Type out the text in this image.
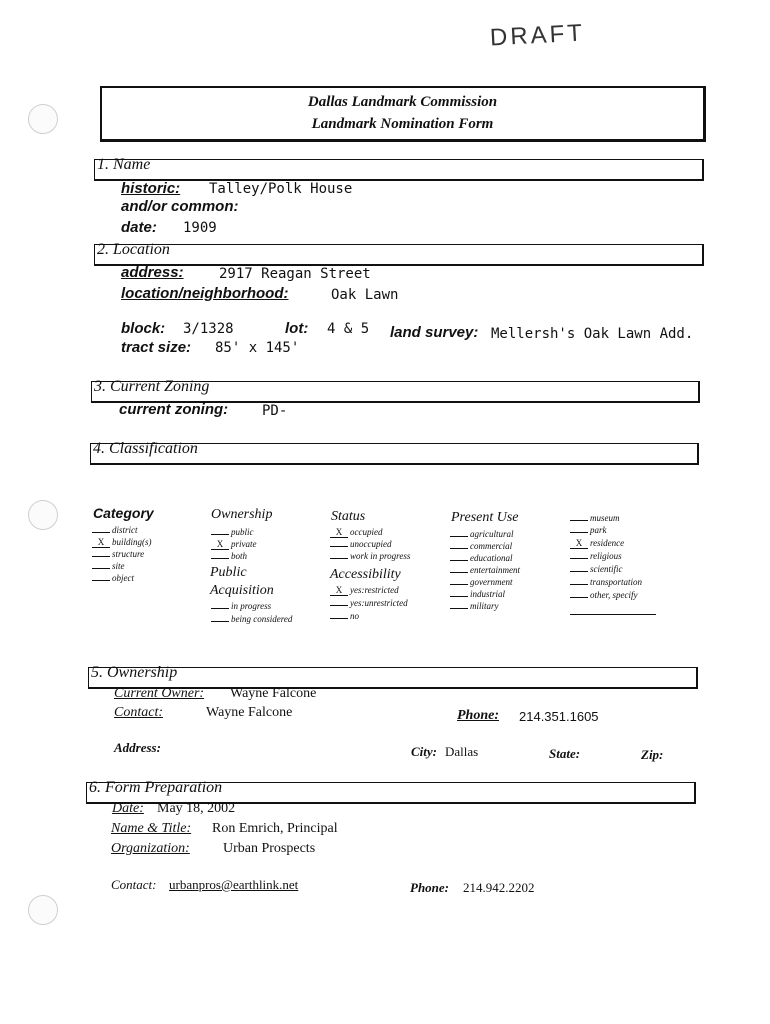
DRAFT
Dallas Landmark Commission
Landmark Nomination Form
1. Name
historic: Talley/Polk House
and/or common:
date: 1909
2. Location
address:	2917 Reagan Street
location/neighborhood:	Oak Lawn
block: 3/1328	lot: 4 & 5 land survey: Mellersh's Oak Lawn Add.
tract size: 85' x 145'
3. Current Zoning
current zoning: PD-
4. Classification
Category
district
X building(s)
structure
site
object
Ownership
public
X private
both
Public
Acquisition
in progress
being considered
Status
X occupied
unoccupied
work in progress
Accessibility
X yes:restricted
yes:unrestricted
no
Present Use
agricultural
commercial
educational
entertainment
government
industrial
military
museum
park
X residence
religious
scientific
transportation
other, specify
5. Ownership
Current Owner: Wayne Falcone
Contact:	Wayne Falcone	Phone: 214.351.1605
Address:	City: Dallas	State:	Zip:
6. Form Preparation
Date: May 18, 2002
Name & Title: Ron Emrich, Principal
Organization: Urban Prospects
Contact: urbanpros@earthlink.net	Phone: 214.942.2202
